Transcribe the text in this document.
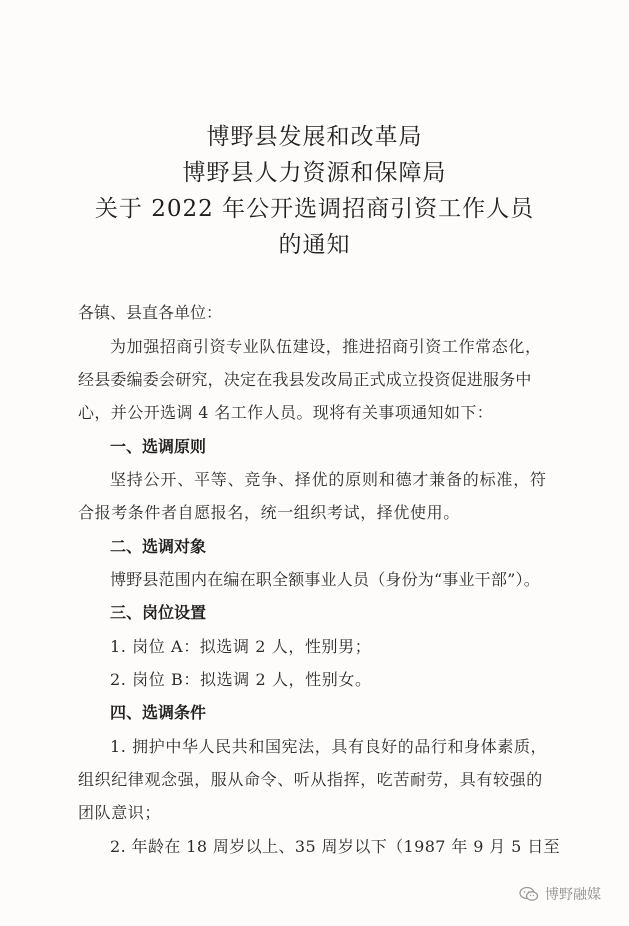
博野县发展和改革局
博野县人力资源和保障局
关于 2022 年公开选调招商引资工作人员
的通知
各镇、县直各单位：
为加强招商引资专业队伍建设，推进招商引资工作常态化，
经县委编委会研究，决定在我县发改局正式成立投资促进服务中
心，并公开选调 4 名工作人员。现将有关事项通知如下：
一、选调原则
坚持公开、平等、竞争、择优的原则和德才兼备的标准，符
合报考条件者自愿报名，统一组织考试，择优使用。
二、选调对象
博野县范围内在编在职全额事业人员（身份为“事业干部”）。
三、岗位设置
1. 岗位 A：拟选调 2 人，性别男；
2. 岗位 B：拟选调 2 人，性别女。
四、选调条件
1. 拥护中华人民共和国宪法，具有良好的品行和身体素质，
组织纪律观念强，服从命令、听从指挥，吃苦耐劳，具有较强的
团队意识；
2. 年龄在 18 周岁以上、35 周岁以下（1987 年 9 月 5 日至
博野融媒
